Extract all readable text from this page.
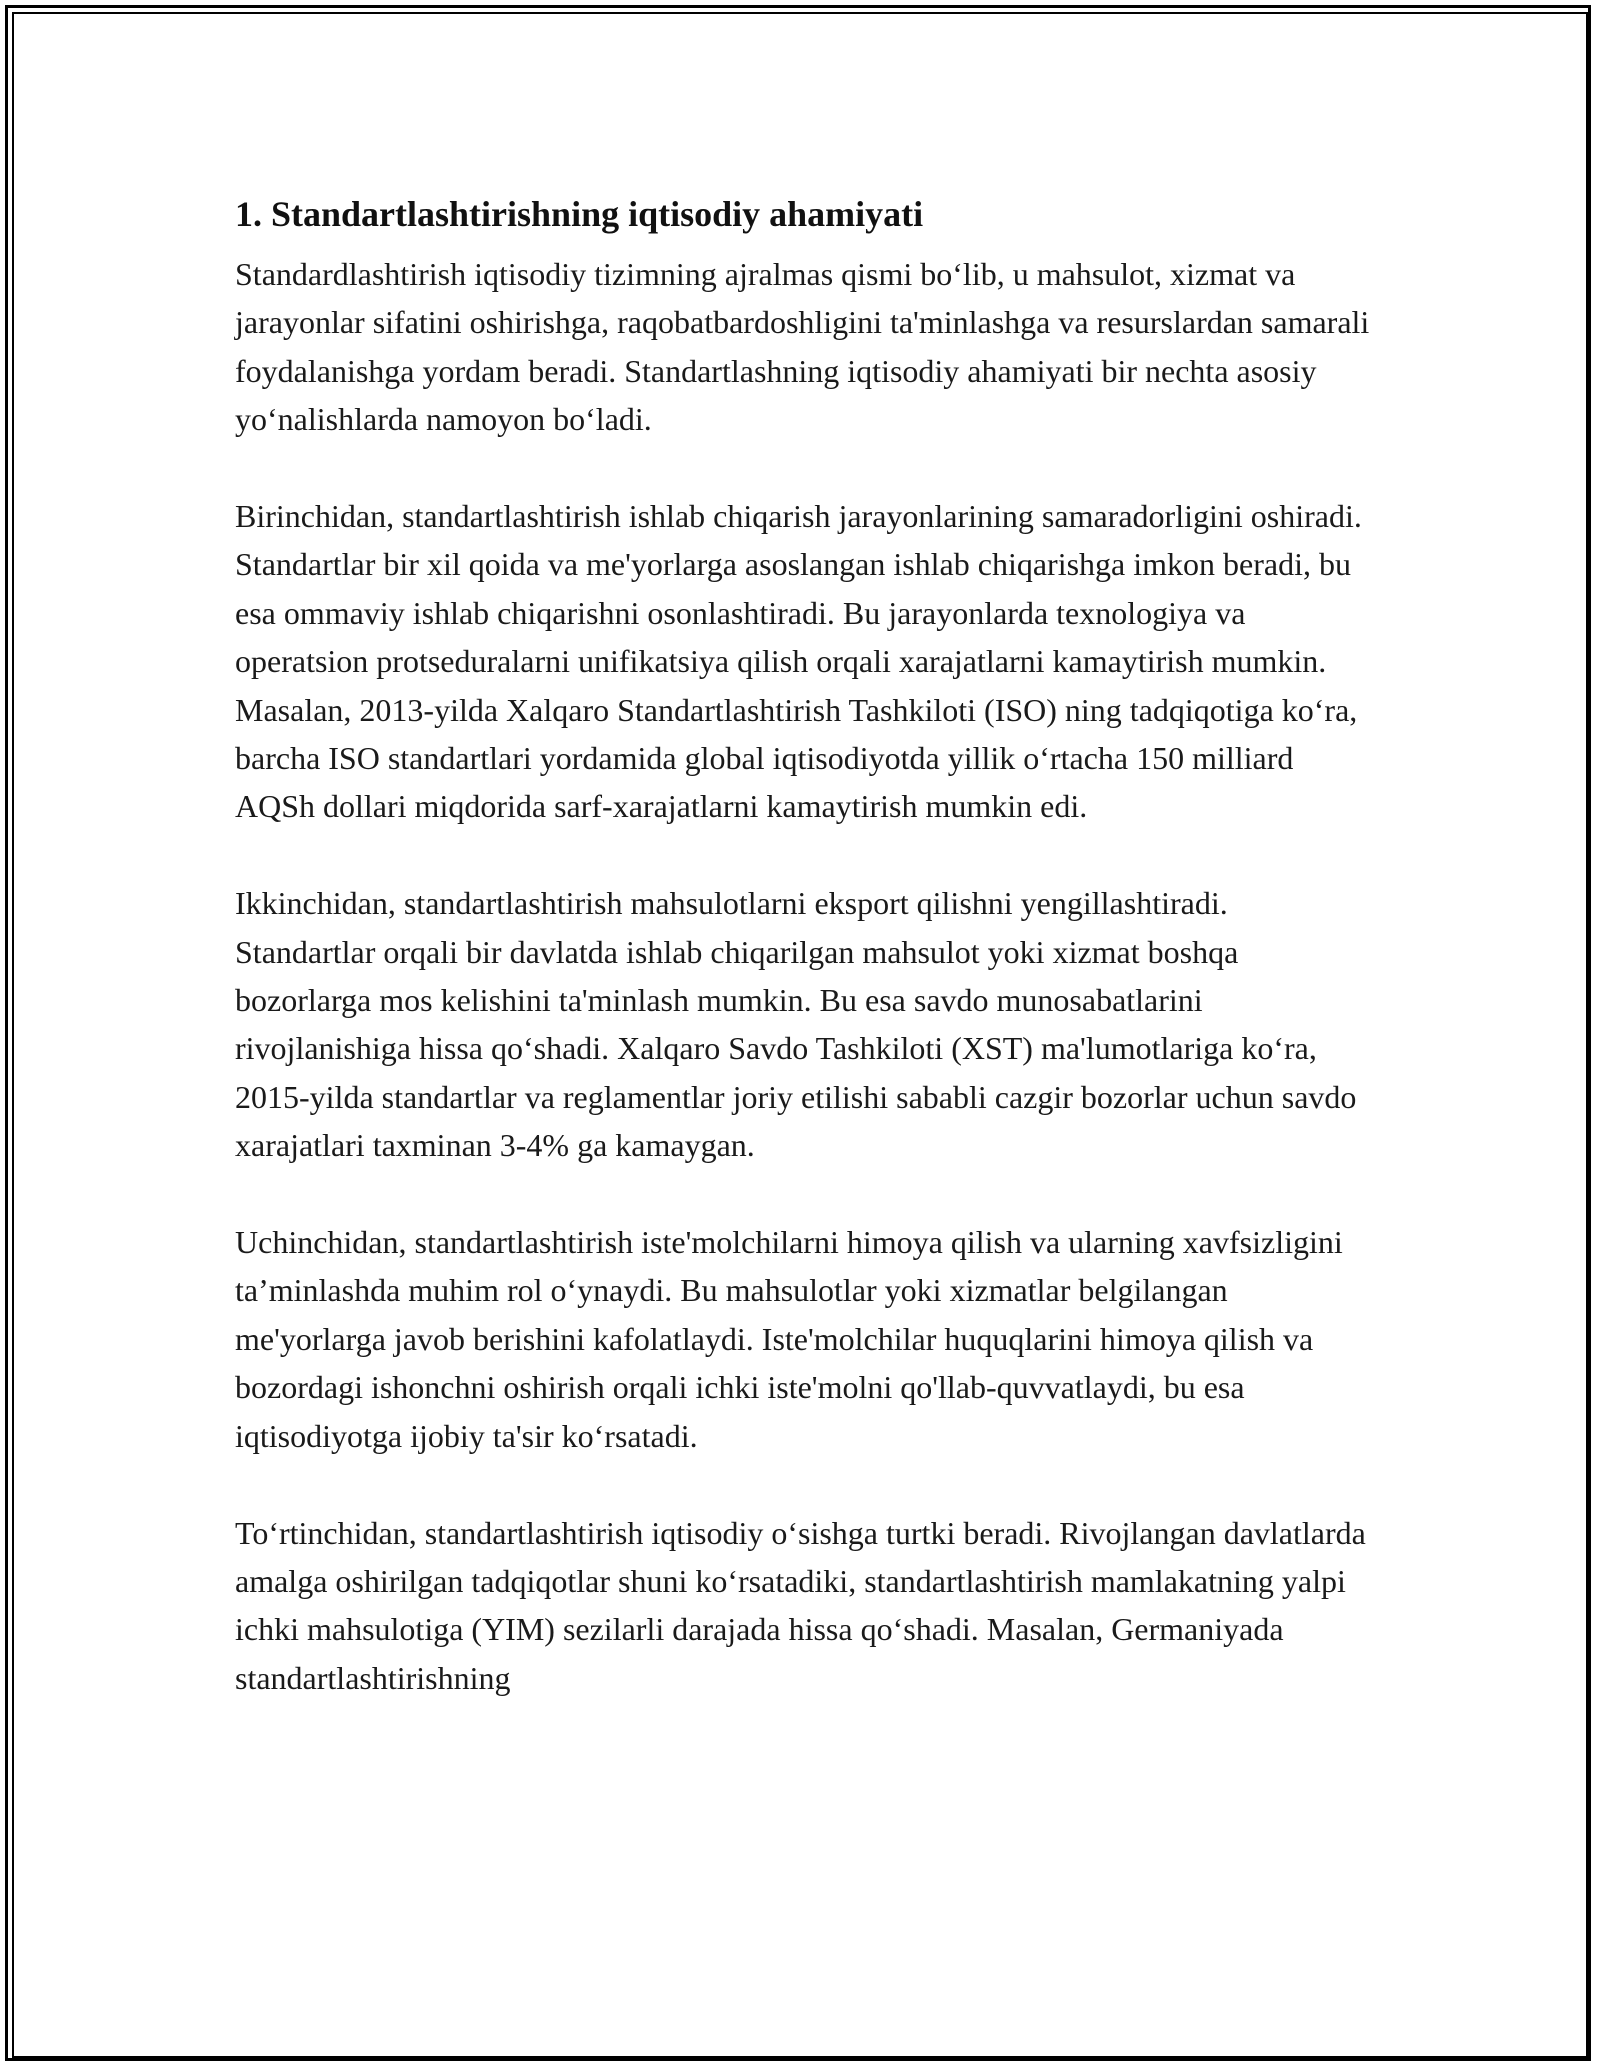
1. Standartlashtirishning iqtisodiy ahamiyati

Standardlashtirish iqtisodiy tizimning ajralmas qismi bo‘lib, u mahsulot, xizmat va jarayonlar sifatini oshirishga, raqobatbardoshligini ta'minlashga va resurslardan samarali foydalanishga yordam beradi. Standartlashning iqtisodiy ahamiyati bir nechta asosiy yo‘nalishlarda namoyon bo‘ladi.

Birinchidan, standartlashtirish ishlab chiqarish jarayonlarining samaradorligini oshiradi. Standartlar bir xil qoida va me'yorlarga asoslangan ishlab chiqarishga imkon beradi, bu esa ommaviy ishlab chiqarishni osonlashtiradi. Bu jarayonlarda texnologiya va operatsion protseduralarni unifikatsiya qilish orqali xarajatlarni kamaytirish mumkin. Masalan, 2013-yilda Xalqaro Standartlashtirish Tashkiloti (ISO) ning tadqiqotiga ko‘ra, barcha ISO standartlari yordamida global iqtisodiyotda yillik o‘rtacha 150 milliard AQSh dollari miqdorida sarf-xarajatlarni kamaytirish mumkin edi.

Ikkinchidan, standartlashtirish mahsulotlarni eksport qilishni yengillashtiradi. Standartlar orqali bir davlatda ishlab chiqarilgan mahsulot yoki xizmat boshqa bozorlarga mos kelishini ta'minlash mumkin. Bu esa savdo munosabatlarini rivojlanishiga hissa qo‘shadi. Xalqaro Savdo Tashkiloti (XST) ma'lumotlariga ko‘ra, 2015-yilda standartlar va reglamentlar joriy etilishi sababli cazgir bozorlar uchun savdo xarajatlari taxminan 3-4% ga kamaygan.

Uchinchidan, standartlashtirish iste'molchilarni himoya qilish va ularning xavfsizligini ta’minlashda muhim rol o‘ynaydi. Bu mahsulotlar yoki xizmatlar belgilangan me'yorlarga javob berishini kafolatlaydi. Iste'molchilar huquqlarini himoya qilish va bozordagi ishonchni oshirish orqali ichki iste'molni qo'llab-quvvatlaydi, bu esa iqtisodiyotga ijobiy ta'sir ko‘rsatadi.

To‘rtinchidan, standartlashtirish iqtisodiy o‘sishga turtki beradi. Rivojlangan davlatlarda amalga oshirilgan tadqiqotlar shuni ko‘rsatadiki, standartlashtirish mamlakatning yalpi ichki mahsulotiga (YIM) sezilarli darajada hissa qo‘shadi. Masalan, Germaniyada standartlashtirishning
